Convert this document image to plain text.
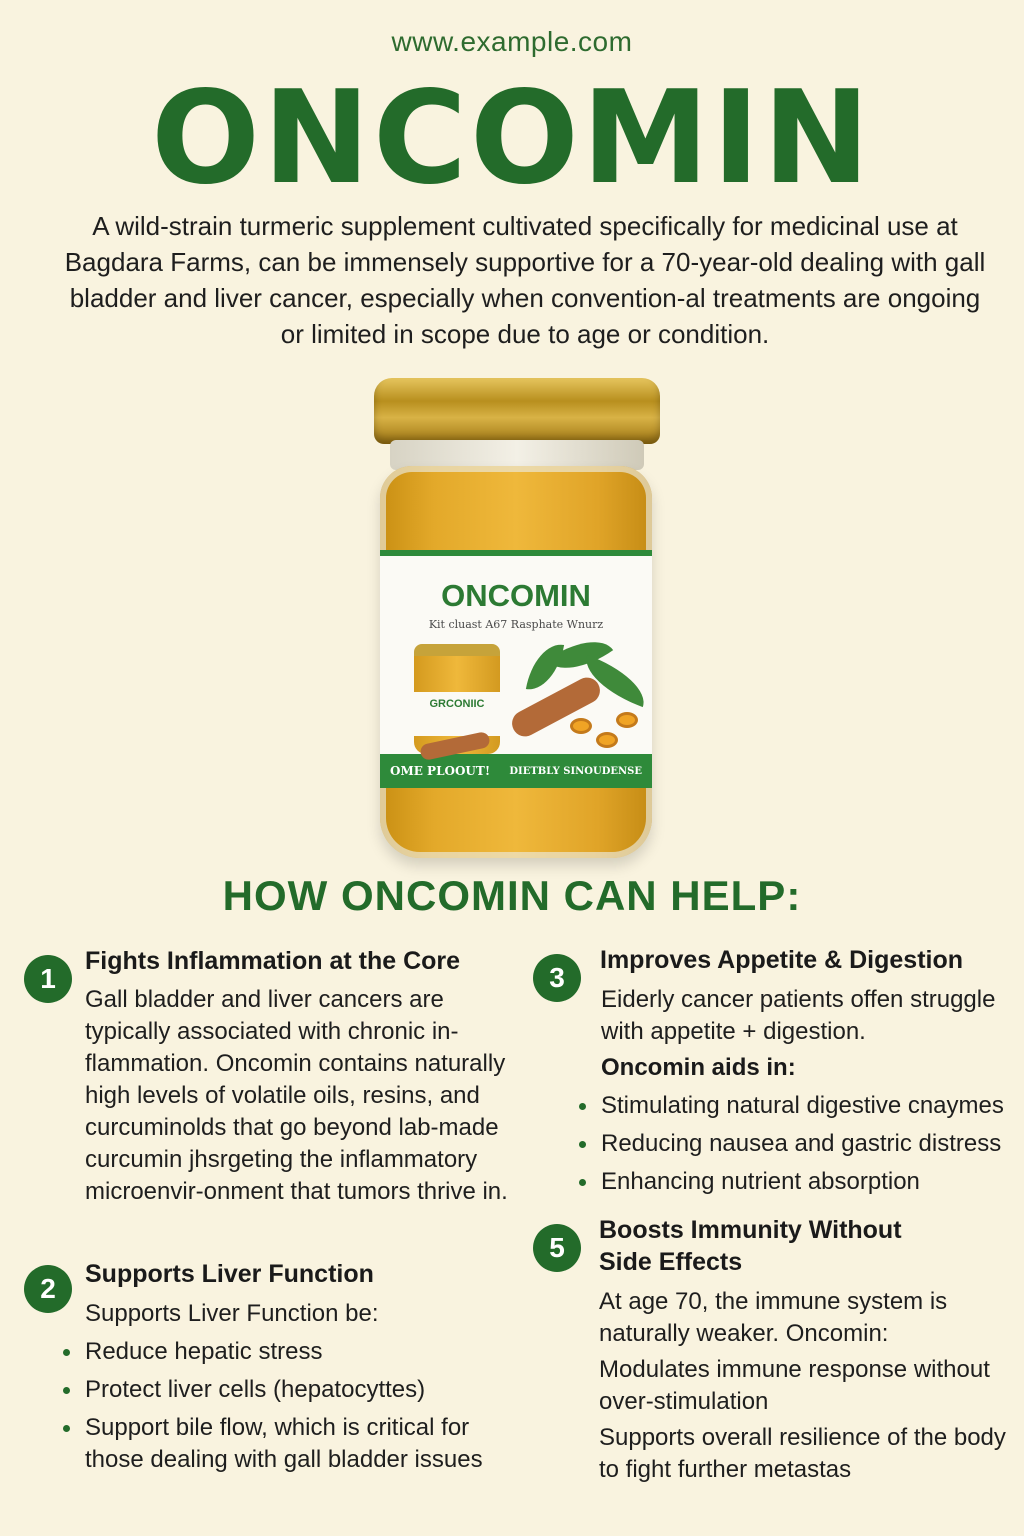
www.example.com
ONCOMIN
A wild-strain turmeric supplement cultivated specifically for medicinal use at Bagdara Farms, can be immensely supportive for a 70-year-old dealing with gall bladder and liver cancer, especially when convention-al treatments are ongoing or limited in scope due to age or condition.
ONCOMIN
Kit cluast A67 Rasphate Wnurz
GRCONIIC
OME PLOOUT! DIETBLY SINOUDENSE
HOW ONCOMIN CAN HELP:
1
Fights Inflammation at the Core
Gall bladder and liver cancers are typically associated with chronic in-flammation. Oncomin contains naturally high levels of volatile oils, resins, and curcuminolds that go beyond lab-made curcumin jhsrgeting the inflammatory microenvir-onment that tumors thrive in.
2	Supports Liver Function
Supports Liver Function be:
Reduce hepatic stress
Protect liver cells (hepatocyttes)
Support bile flow, which is critical for those dealing with gall bladder issues
3
Improves Appetite & Digestion
Eiderly cancer patients offen struggle with appetite + digestion.
Oncomin aids in:
Stimulating natural digestive cnaymes
Reducing nausea and gastric distress
Enhancing nutrient absorption
5
Boosts Immunity Without Side Effects
At age 70, the immune system is naturally weaker. Oncomin:
Modulates immune response without over-stimulation
Supports overall resilience of the body to fight further metastas
